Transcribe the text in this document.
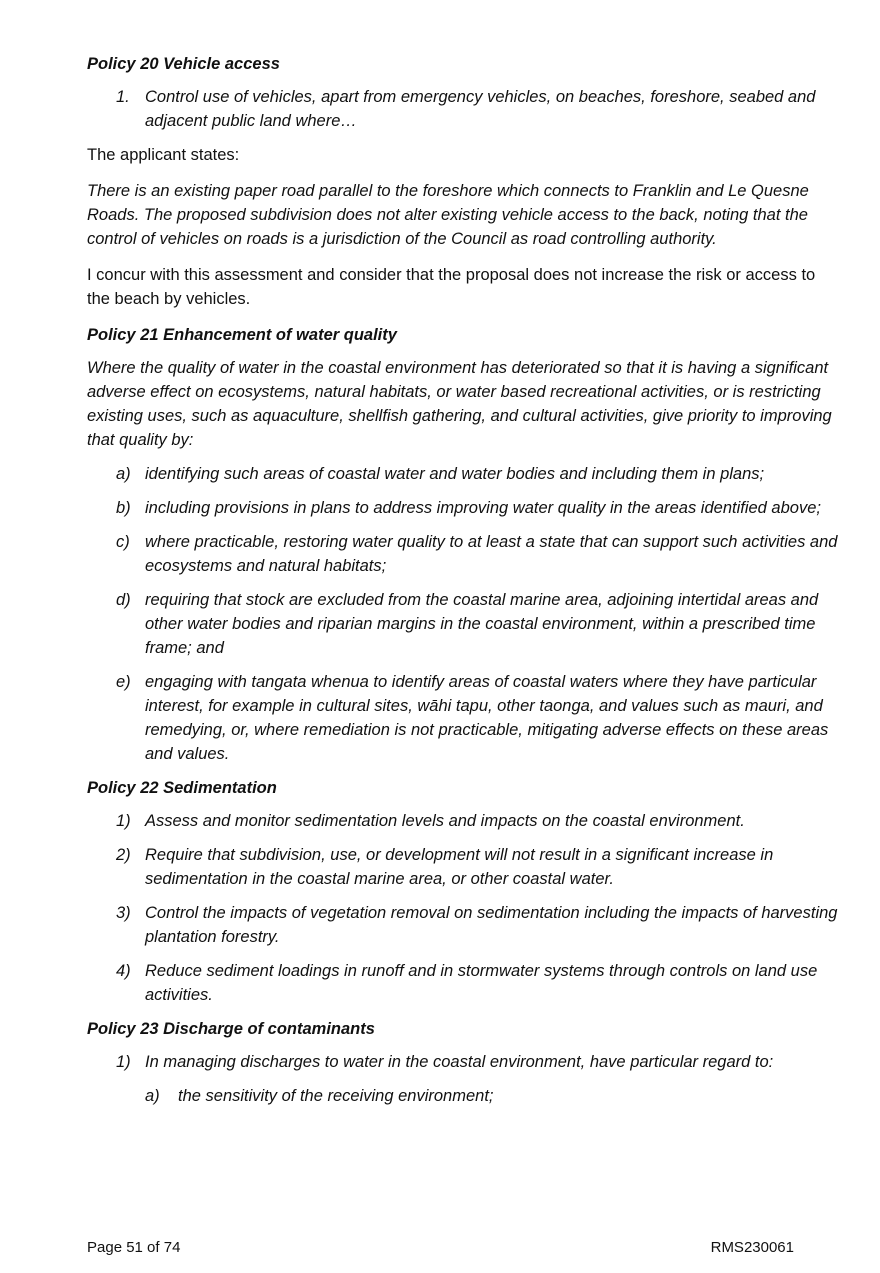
Policy 20 Vehicle access
1. Control use of vehicles, apart from emergency vehicles, on beaches, foreshore, seabed and adjacent public land where…

The applicant states:

There is an existing paper road parallel to the foreshore which connects to Franklin and Le Quesne Roads. The proposed subdivision does not alter existing vehicle access to the back, noting that the control of vehicles on roads is a jurisdiction of the Council as road controlling authority.

I concur with this assessment and consider that the proposal does not increase the risk or access to the beach by vehicles.

Policy 21 Enhancement of water quality

Where the quality of water in the coastal environment has deteriorated so that it is having a significant adverse effect on ecosystems, natural habitats, or water based recreational activities, or is restricting existing uses, such as aquaculture, shellfish gathering, and cultural activities, give priority to improving that quality by:

a) identifying such areas of coastal water and water bodies and including them in plans;
b) including provisions in plans to address improving water quality in the areas identified above;
c) where practicable, restoring water quality to at least a state that can support such activities and ecosystems and natural habitats;
d) requiring that stock are excluded from the coastal marine area, adjoining intertidal areas and other water bodies and riparian margins in the coastal environment, within a prescribed time frame; and
e) engaging with tangata whenua to identify areas of coastal waters where they have particular interest, for example in cultural sites, wāhi tapu, other taonga, and values such as mauri, and remedying, or, where remediation is not practicable, mitigating adverse effects on these areas and values.
Policy 22 Sedimentation
1) Assess and monitor sedimentation levels and impacts on the coastal environment.
2) Require that subdivision, use, or development will not result in a significant increase in sedimentation in the coastal marine area, or other coastal water.
3) Control the impacts of vegetation removal on sedimentation including the impacts of harvesting plantation forestry.
4) Reduce sediment loadings in runoff and in stormwater systems through controls on land use activities.
Policy 23 Discharge of contaminants
1) In managing discharges to water in the coastal environment, have particular regard to:
a) the sensitivity of the receiving environment;
Page 51 of 74	RMS230061
